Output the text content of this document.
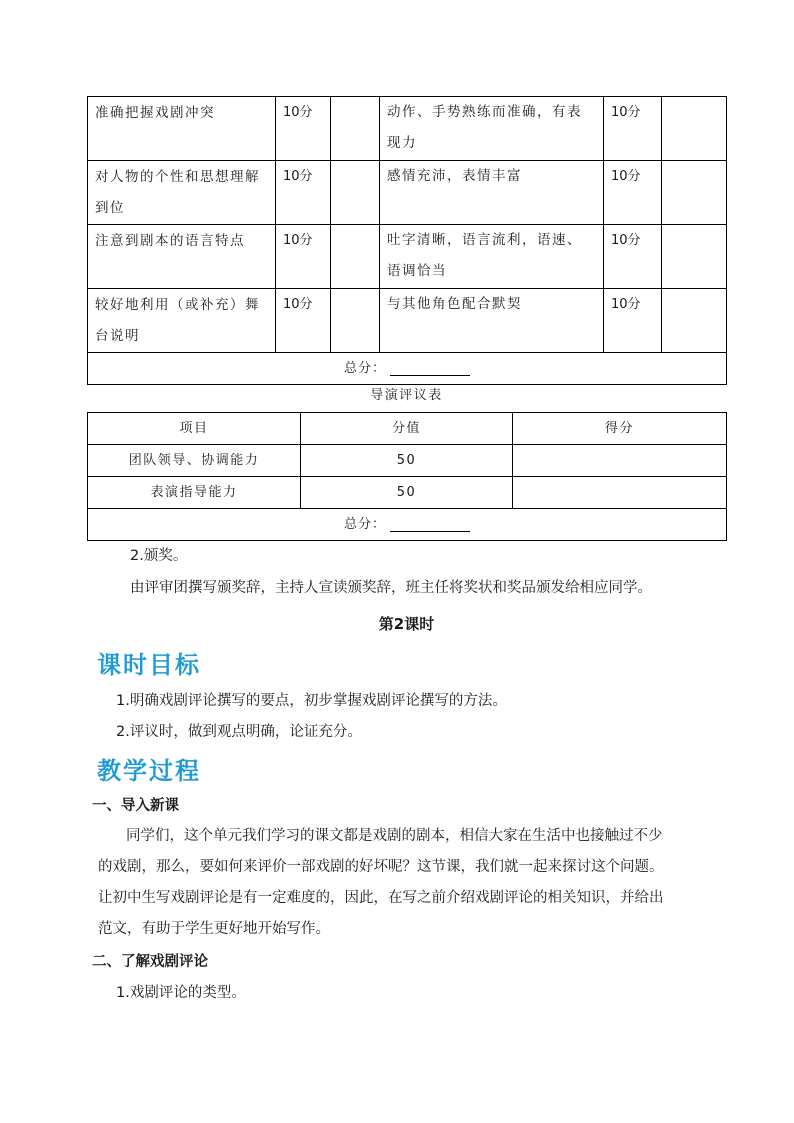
准确把握戏剧冲突	10分		动作、手势熟练而准确，有表现力	10分	
对人物的个性和思想理解到位	10分		感情充沛，表情丰富	10分	
注意到剧本的语言特点	10分		吐字清晰，语言流利，语速、语调恰当	10分	
较好地利用（或补充）舞台说明	10分		与其他角色配合默契	10分	
总分：					
导演评议表
项目	分值	得分
团队领导、协调能力	50	
表演指导能力	50	
总分：		
2.颁奖。
由评审团撰写颁奖辞，主持人宣读颁奖辞，班主任将奖状和奖品颁发给相应同学。
第2课时
课时目标
1.明确戏剧评论撰写的要点，初步掌握戏剧评论撰写的方法。
2.评议时，做到观点明确，论证充分。
教学过程
一、导入新课
同学们，这个单元我们学习的课文都是戏剧的剧本，相信大家在生活中也接触过不少
的戏剧，那么，要如何来评价一部戏剧的好坏呢？这节课，我们就一起来探讨这个问题。
让初中生写戏剧评论是有一定难度的，因此，在写之前介绍戏剧评论的相关知识，并给出
范文，有助于学生更好地开始写作。
二、了解戏剧评论
1.戏剧评论的类型。
